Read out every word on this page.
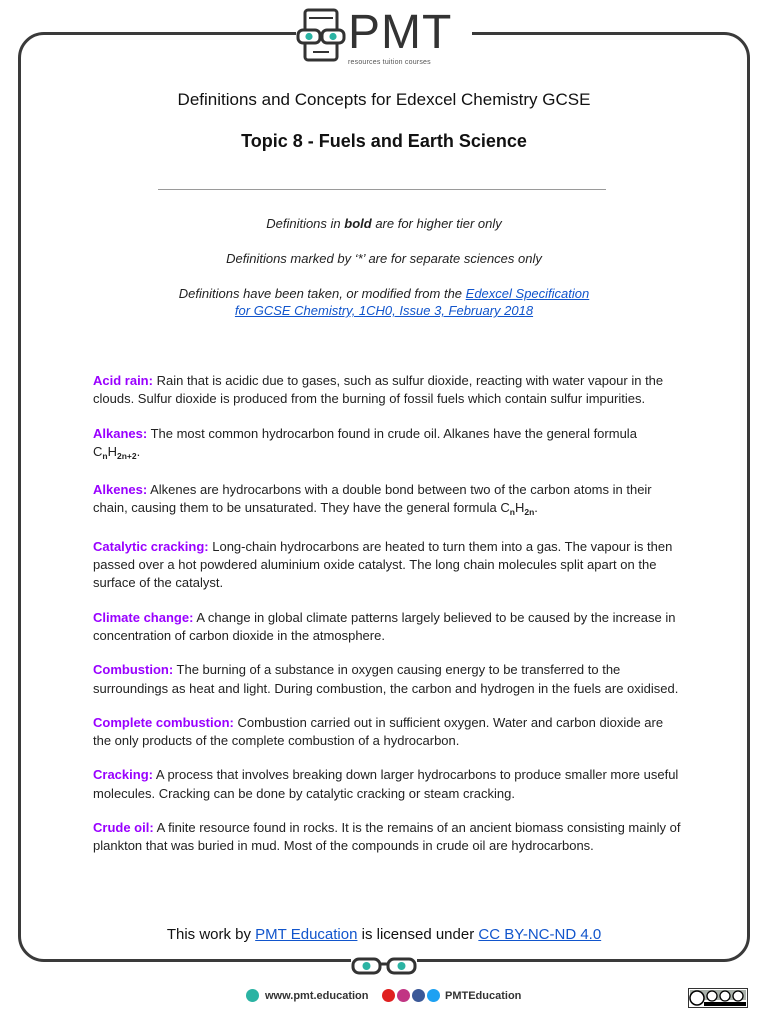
PMT
resources tuition courses
Definitions and Concepts for Edexcel Chemistry GCSE
Topic 8 - Fuels and Earth Science
Definitions in bold are for higher tier only
Definitions marked by ‘*’ are for separate sciences only
Definitions have been taken, or modified from the Edexcel Specification
for GCSE Chemistry, 1CH0, Issue 3, February 2018

Acid rain: Rain that is acidic due to gases, such as sulfur dioxide, reacting with water vapour in the clouds. Sulfur dioxide is produced from the burning of fossil fuels which contain sulfur impurities.

Alkanes: The most common hydrocarbon found in crude oil. Alkanes have the general formula $C_nH_{2n+2}$.

Alkenes: Alkenes are hydrocarbons with a double bond between two of the carbon atoms in their chain, causing them to be unsaturated. They have the general formula $C_nH_{2n}$.

Catalytic cracking: Long-chain hydrocarbons are heated to turn them into a gas. The vapour is then passed over a hot powdered aluminium oxide catalyst. The long chain molecules split apart on the surface of the catalyst.

Climate change: A change in global climate patterns largely believed to be caused by the increase in concentration of carbon dioxide in the atmosphere.

Combustion: The burning of a substance in oxygen causing energy to be transferred to the surroundings as heat and light. During combustion, the carbon and hydrogen in the fuels are oxidised.

Complete combustion: Combustion carried out in sufficient oxygen. Water and carbon dioxide are the only products of the complete combustion of a hydrocarbon.

Cracking: A process that involves breaking down larger hydrocarbons to produce smaller more useful molecules. Cracking can be done by catalytic cracking or steam cracking.

Crude oil: A finite resource found in rocks. It is the remains of an ancient biomass consisting mainly of plankton that was buried in mud. Most of the compounds in crude oil are hydrocarbons.

This work by PMT Education is licensed under CC BY-NC-ND 4.0
www.pmt.education	PMTEducation
